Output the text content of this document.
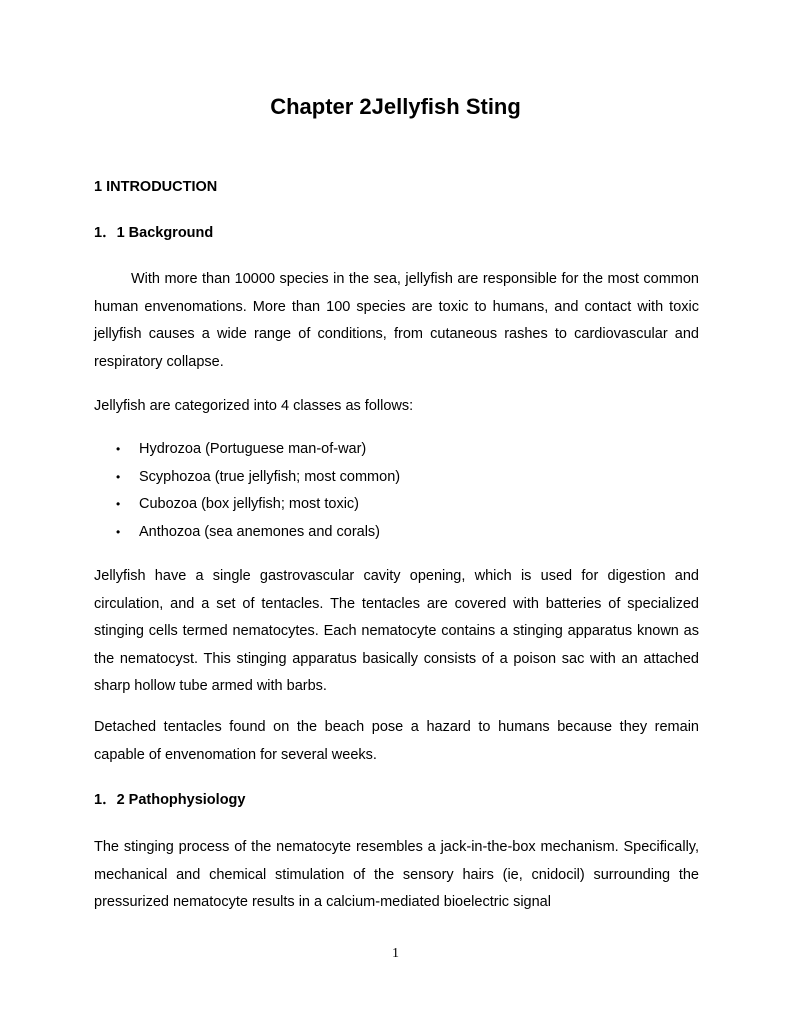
Chapter 2Jellyfish Sting
1 INTRODUCTION
1．1 Background

With more than 10000 species in the sea, jellyfish are responsible for the most common human envenomations. More than 100 species are toxic to humans, and contact with toxic jellyfish causes a wide range of conditions, from cutaneous rashes to cardiovascular and respiratory collapse.

Jellyfish are categorized into 4 classes as follows:

• Hydrozoa (Portuguese man-of-war)
• Scyphozoa (true jellyfish; most common)
• Cubozoa (box jellyfish; most toxic)
• Anthozoa (sea anemones and corals)

Jellyfish have a single gastrovascular cavity opening, which is used for digestion and circulation, and a set of tentacles. The tentacles are covered with batteries of specialized stinging cells termed nematocytes. Each nematocyte contains a stinging apparatus known as the nematocyst. This stinging apparatus basically consists of a poison sac with an attached sharp hollow tube armed with barbs.

Detached tentacles found on the beach pose a hazard to humans because they remain capable of envenomation for several weeks.

1．2 Pathophysiology

The stinging process of the nematocyte resembles a jack-in-the-box mechanism. Specifically, mechanical and chemical stimulation of the sensory hairs (ie, cnidocil) surrounding the pressurized nematocyte results in a calcium-mediated bioelectric signal

1
